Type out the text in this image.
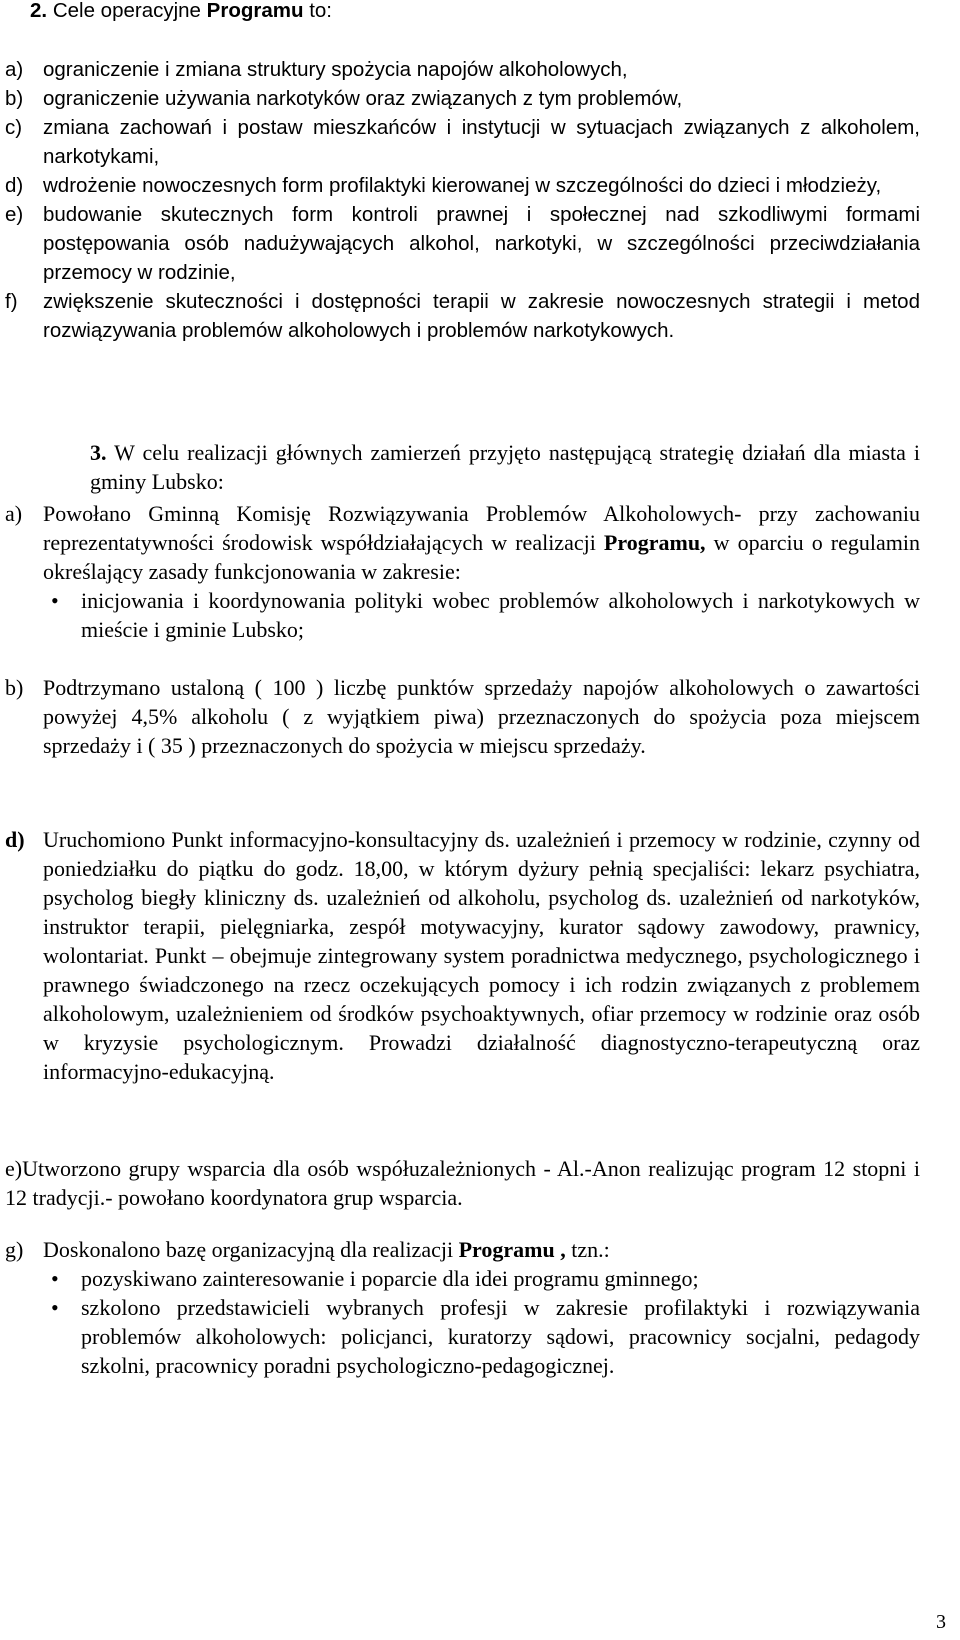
2. Cele operacyjne Programu to:
a) ograniczenie i zmiana struktury spożycia napojów alkoholowych,
b) ograniczenie używania narkotyków oraz związanych z tym problemów,
c) zmiana zachowań i postaw mieszkańców i instytucji w sytuacjach związanych z alkoholem, narkotykami,
d) wdrożenie nowoczesnych form profilaktyki kierowanej w szczególności do dzieci i młodzieży,
e) budowanie skutecznych form kontroli prawnej i społecznej nad szkodliwymi formami postępowania osób nadużywających alkohol, narkotyki, w szczególności przeciwdziałania przemocy w rodzinie,
f) zwiększenie skuteczności i dostępności terapii w zakresie nowoczesnych strategii i metod rozwiązywania problemów alkoholowych i problemów narkotykowych.

3. W celu realizacji głównych zamierzeń przyjęto następującą strategię działań dla miasta i gminy Lubsko:

a) Powołano Gminną Komisję Rozwiązywania Problemów Alkoholowych- przy zachowaniu reprezentatywności środowisk współdziałających w realizacji Programu, w oparciu o regulamin określający zasady funkcjonowania w zakresie:
• inicjowania i koordynowania polityki wobec problemów alkoholowych i narkotykowych w mieście i gminie Lubsko;
b) Podtrzymano ustaloną ( 100 ) liczbę punktów sprzedaży napojów alkoholowych o zawartości powyżej 4,5% alkoholu ( z wyjątkiem piwa) przeznaczonych do spożycia poza miejscem sprzedaży i ( 35 ) przeznaczonych do spożycia w miejscu sprzedaży.
d) Uruchomiono Punkt informacyjno-konsultacyjny ds. uzależnień i przemocy w rodzinie, czynny od poniedziałku do piątku do godz. 18,00, w którym dyżury pełnią specjaliści: lekarz psychiatra, psycholog biegły kliniczny ds. uzależnień od alkoholu, psycholog ds. uzależnień od narkotyków, instruktor terapii, pielęgniarka, zespół motywacyjny, kurator sądowy zawodowy, prawnicy, wolontariat. Punkt – obejmuje zintegrowany system poradnictwa medycznego, psychologicznego i prawnego świadczonego na rzecz oczekujących pomocy i ich rodzin związanych z problemem alkoholowym, uzależnieniem od środków psychoaktywnych, ofiar przemocy w rodzinie oraz osób w kryzysie psychologicznym. Prowadzi działalność diagnostyczno-terapeutyczną oraz informacyjno-edukacyjną.
e)Utworzono grupy wsparcia dla osób współuzależnionych - Al.-Anon realizując program 12 stopni i 12 tradycji.- powołano koordynatora grup wsparcia.
g) Doskonalono bazę organizacyjną dla realizacji Programu , tzn.:
• pozyskiwano zainteresowanie i poparcie dla idei programu gminnego;
• szkolono przedstawicieli wybranych profesji w zakresie profilaktyki i rozwiązywania problemów alkoholowych: policjanci, kuratorzy sądowi, pracownicy socjalni, pedagody szkolni, pracownicy poradni psychologiczno-pedagogicznej.
3
